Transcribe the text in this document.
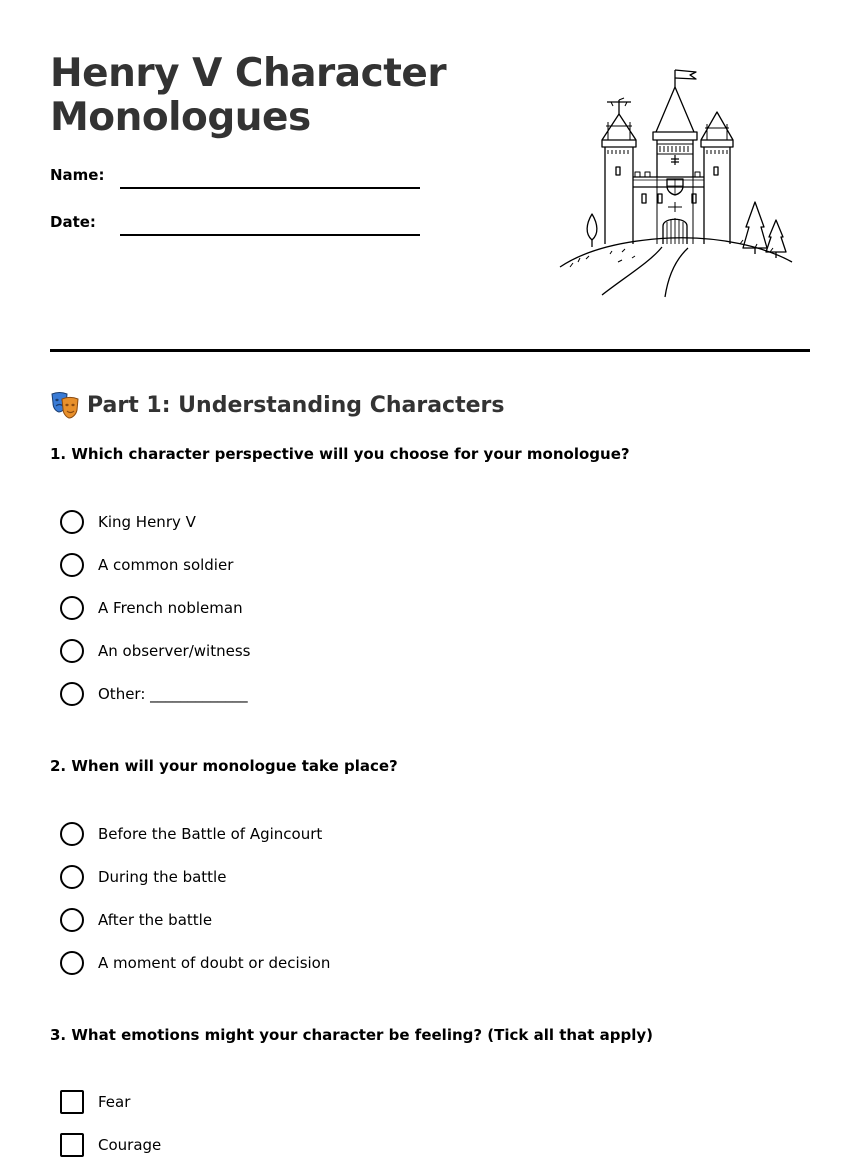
Henry V Character Monologues
Name:
Date:
Part 1: Understanding Characters
1. Which character perspective will you choose for your monologue?
King Henry V
A common soldier
A French nobleman
An observer/witness
Other: _____________
2. When will your monologue take place?
Before the Battle of Agincourt
During the battle
After the battle
A moment of doubt or decision
3. What emotions might your character be feeling? (Tick all that apply)
Fear
Courage
